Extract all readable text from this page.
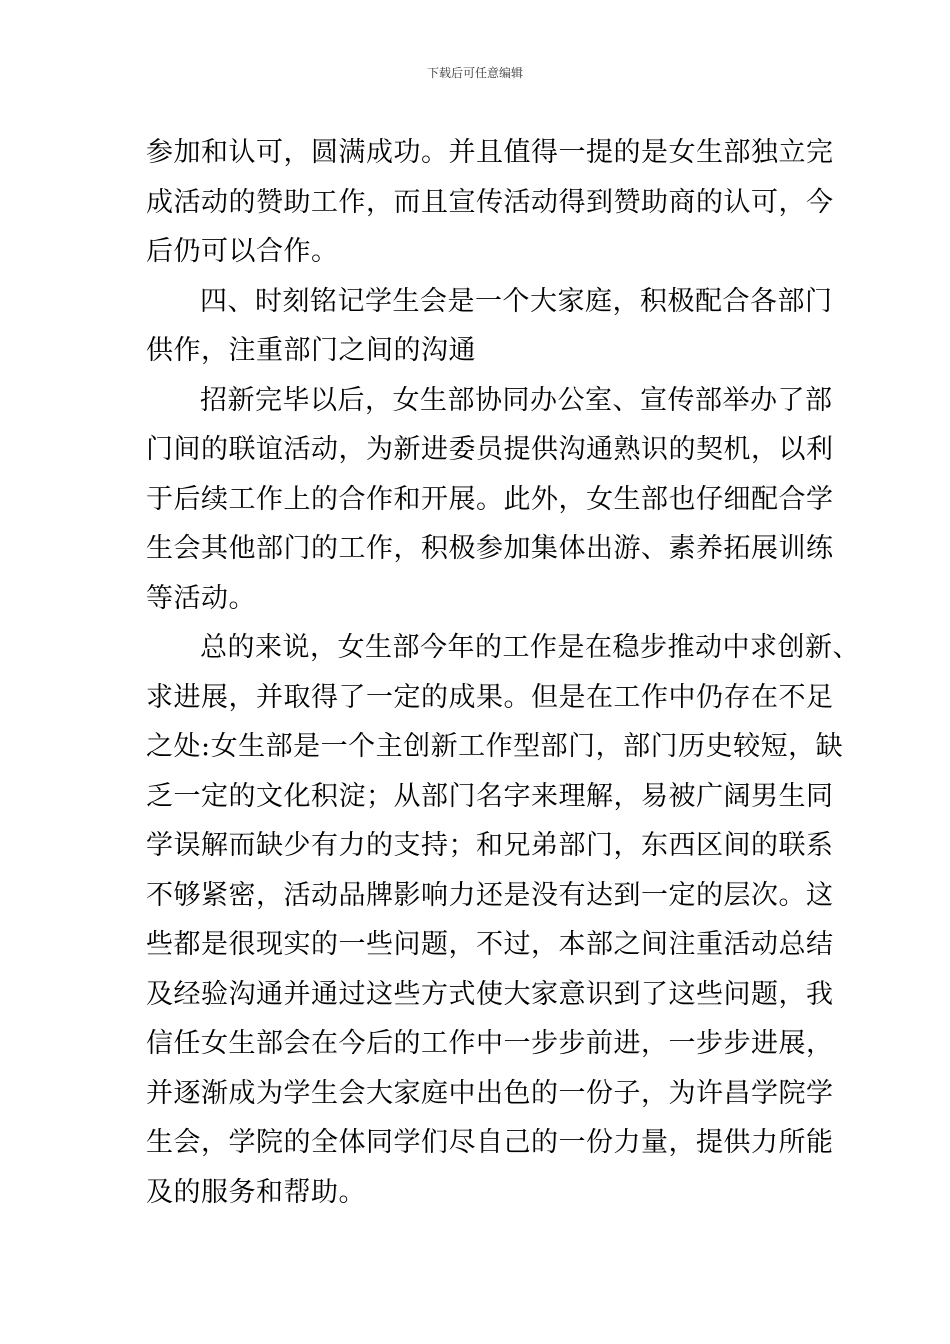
下载后可任意编辑
参加和认可，圆满成功。并且值得一提的是女生部独立完
成活动的赞助工作，而且宣传活动得到赞助商的认可，今
后仍可以合作。
四、时刻铭记学生会是一个大家庭，积极配合各部门
供作，注重部门之间的沟通
招新完毕以后，女生部协同办公室、宣传部举办了部
门间的联谊活动，为新进委员提供沟通熟识的契机，以利
于后续工作上的合作和开展。此外，女生部也仔细配合学
生会其他部门的工作，积极参加集体出游、素养拓展训练
等活动。
总的来说，女生部今年的工作是在稳步推动中求创新、
求进展，并取得了一定的成果。但是在工作中仍存在不足
之处:女生部是一个主创新工作型部门，部门历史较短，缺
乏一定的文化积淀；从部门名字来理解，易被广阔男生同
学误解而缺少有力的支持；和兄弟部门，东西区间的联系
不够紧密，活动品牌影响力还是没有达到一定的层次。这
些都是很现实的一些问题，不过，本部之间注重活动总结
及经验沟通并通过这些方式使大家意识到了这些问题，我
信任女生部会在今后的工作中一步步前进，一步步进展，
并逐渐成为学生会大家庭中出色的一份子，为许昌学院学
生会，学院的全体同学们尽自己的一份力量，提供力所能
及的服务和帮助。
